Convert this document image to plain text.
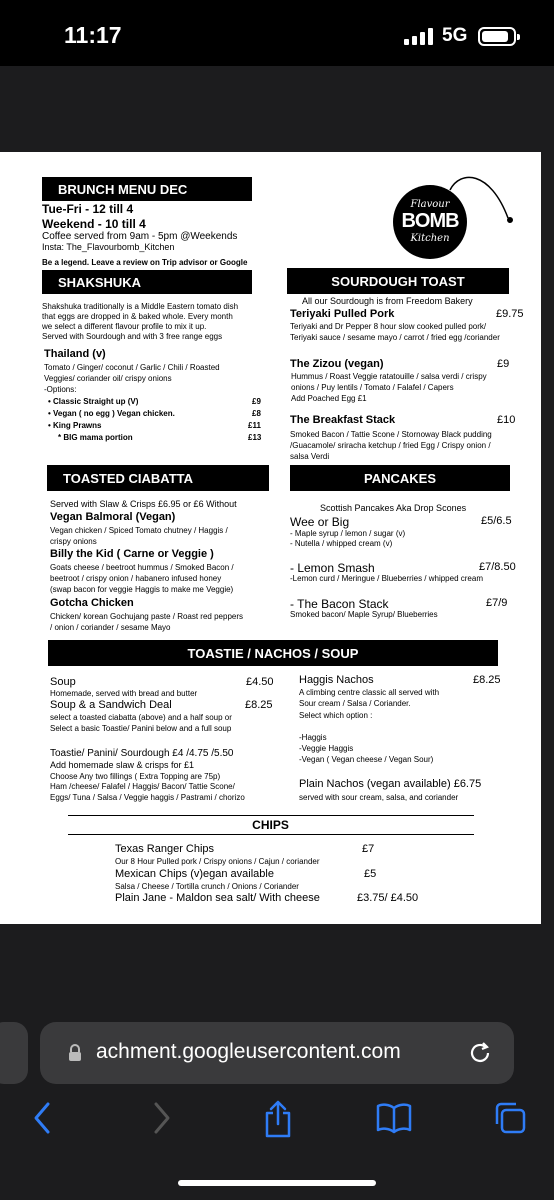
11:17	5G
BRUNCH MENU DEC
Tue-Fri - 12 till 4
Weekend - 10 till 4
Coffee served from 9am - 5pm @Weekends
Insta: The_Flavourbomb_Kitchen
Be a legend. Leave a review on Trip advisor or Google
Flavour
BOMB
Kitchen
SHAKSHUKA
Shakshuka traditionally is a Middle Eastern tomato dish
that eggs are dropped in & baked whole. Every month
we select a different flavour profile to mix it up.
Served with Sourdough and with 3 free range eggs
Thailand (v)
Tomato / Ginger/ coconut / Garlic / Chili / Roasted
Veggies/ coriander oil/ crispy onions
-Options:
• Classic Straight up (V)	£9
• Vegan ( no egg ) Vegan chicken.	£8
• King Prawns	£11
* BIG mama portion	£13
SOURDOUGH TOAST
All our Sourdough is from Freedom Bakery
Teriyaki Pulled Pork	£9.75
Teriyaki and Dr Pepper 8 hour slow cooked pulled pork/
Teriyaki sauce / sesame mayo / carrot / fried egg /coriander
The Zizou (vegan)	£9
Hummus / Roast Veggie ratatouille / salsa verdi / crispy
onions / Puy lentils / Tomato / Falafel / Capers
Add Poached Egg £1
The Breakfast Stack	£10
Smoked Bacon / Tattie Scone / Stornoway Black pudding
/Guacamole/ sriracha ketchup / fried Egg / Crispy onion /
salsa Verdi
TOASTED CIABATTA
Served with Slaw & Crisps £6.95 or £6 Without
Vegan Balmoral (Vegan)
Vegan chicken / Spiced Tomato chutney / Haggis /
crispy onions
Billy the Kid ( Carne or Veggie )
Goats cheese / beetroot hummus / Smoked Bacon /
beetroot / crispy onion / habanero infused honey
(swap bacon for veggie Haggis to make me Veggie)
Gotcha Chicken
Chicken/ korean Gochujang paste / Roast red peppers
/ onion / coriander / sesame Mayo
PANCAKES
Scottish Pancakes Aka Drop Scones
Wee or Big	£5/6.5
- Maple syrup / lemon / sugar (v)
- Nutella / whipped cream (v)
- Lemon Smash	£7/8.50
-Lemon curd / Meringue / Blueberries / whipped cream
- The Bacon Stack	£7/9
Smoked bacon/ Maple Syrup/ Blueberries
TOASTIE / NACHOS / SOUP
Soup	£4.50
Homemade, served with bread and butter
Soup & a Sandwich Deal	£8.25
select a toasted ciabatta (above) and a half soup or
Select a basic Toastie/ Panini below and a full soup
Toastie/ Panini/ Sourdough £4 /4.75 /5.50
Add homemade slaw & crisps for £1
Choose Any two fillings ( Extra Topping are 75p)
Ham /cheese/ Falafel / Haggis/ Bacon/ Tattie Scone/
Eggs/ Tuna / Salsa / Veggie haggis / Pastrami / chorizo
Haggis Nachos	£8.25
A climbing centre classic all served with
Sour cream / Salsa / Coriander.
Select which option :
-Haggis
-Veggie Haggis
-Vegan ( Vegan cheese / Vegan Sour)
Plain Nachos (vegan available) £6.75
served with sour cream, salsa, and coriander
CHIPS
Texas Ranger Chips	£7
Our 8 Hour Pulled pork / Crispy onions / Cajun / coriander
Mexican Chips (v)egan available	£5
Salsa / Cheese / Tortilla crunch / Onions / Coriander
Plain Jane - Maldon sea salt/ With cheese	£3.75/ £4.50
achment.googleusercontent.com
